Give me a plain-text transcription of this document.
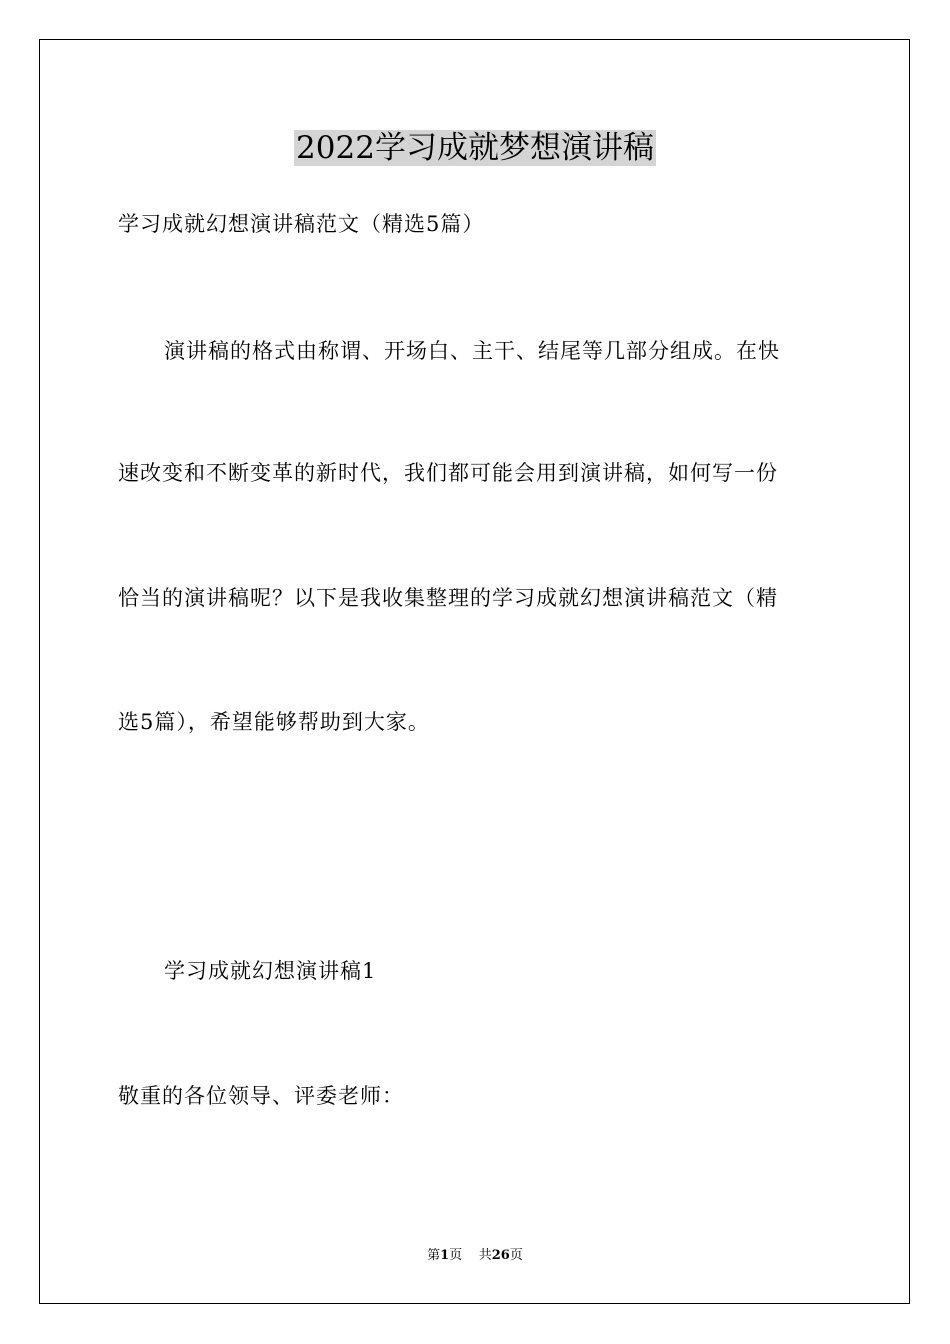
2022学习成就梦想演讲稿
学习成就幻想演讲稿范文（精选5篇）
演讲稿的格式由称谓、开场白、主干、结尾等几部分组成。在快
速改变和不断变革的新时代，我们都可能会用到演讲稿，如何写一份
恰当的演讲稿呢？以下是我收集整理的学习成就幻想演讲稿范文（精
选5篇），希望能够帮助到大家。
学习成就幻想演讲稿1
敬重的各位领导、评委老师：
第1页 共26页
